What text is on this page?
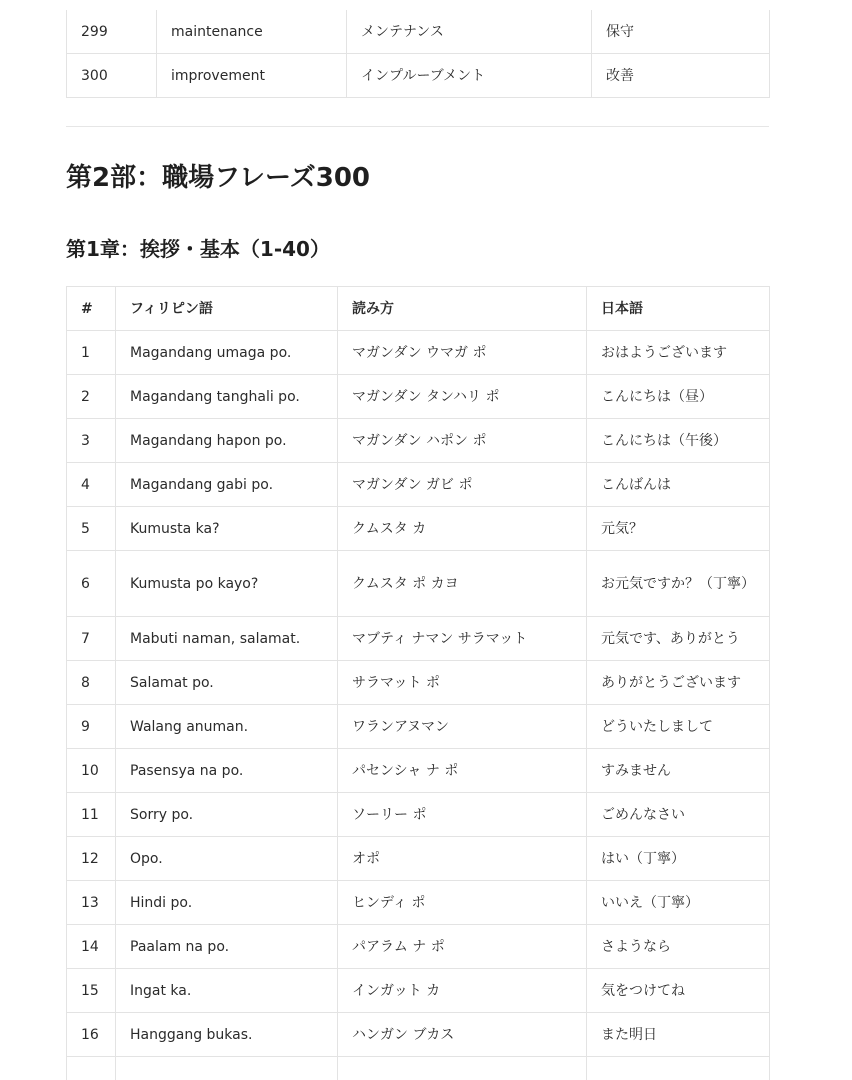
299	maintenance	メンテナンス	保守
300	improvement	インプルーブメント	改善
第2部：職場フレーズ300
第1章：挨拶・基本（1-40）
#	フィリピン語	読み方	日本語
1	Magandang umaga po.	マガンダン ウマガ ポ	おはようございます
2	Magandang tanghali po.	マガンダン タンハリ ポ	こんにちは（昼）
3	Magandang hapon po.	マガンダン ハポン ポ	こんにちは（午後）
4	Magandang gabi po.	マガンダン ガビ ポ	こんばんは
5	Kumusta ka?	クムスタ カ	元気？
6	Kumusta po kayo?	クムスタ ポ カヨ	お元気ですか？（丁寧）
7	Mabuti naman, salamat.	マブティ ナマン サラマット	元気です、ありがとう
8	Salamat po.	サラマット ポ	ありがとうございます
9	Walang anuman.	ワランアヌマン	どういたしまして
10	Pasensya na po.	パセンシャ ナ ポ	すみません
11	Sorry po.	ソーリー ポ	ごめんなさい
12	Opo.	オポ	はい（丁寧）
13	Hindi po.	ヒンディ ポ	いいえ（丁寧）
14	Paalam na po.	パアラム ナ ポ	さようなら
15	Ingat ka.	インガット カ	気をつけてね
16	Hanggang bukas.	ハンガン ブカス	また明日
